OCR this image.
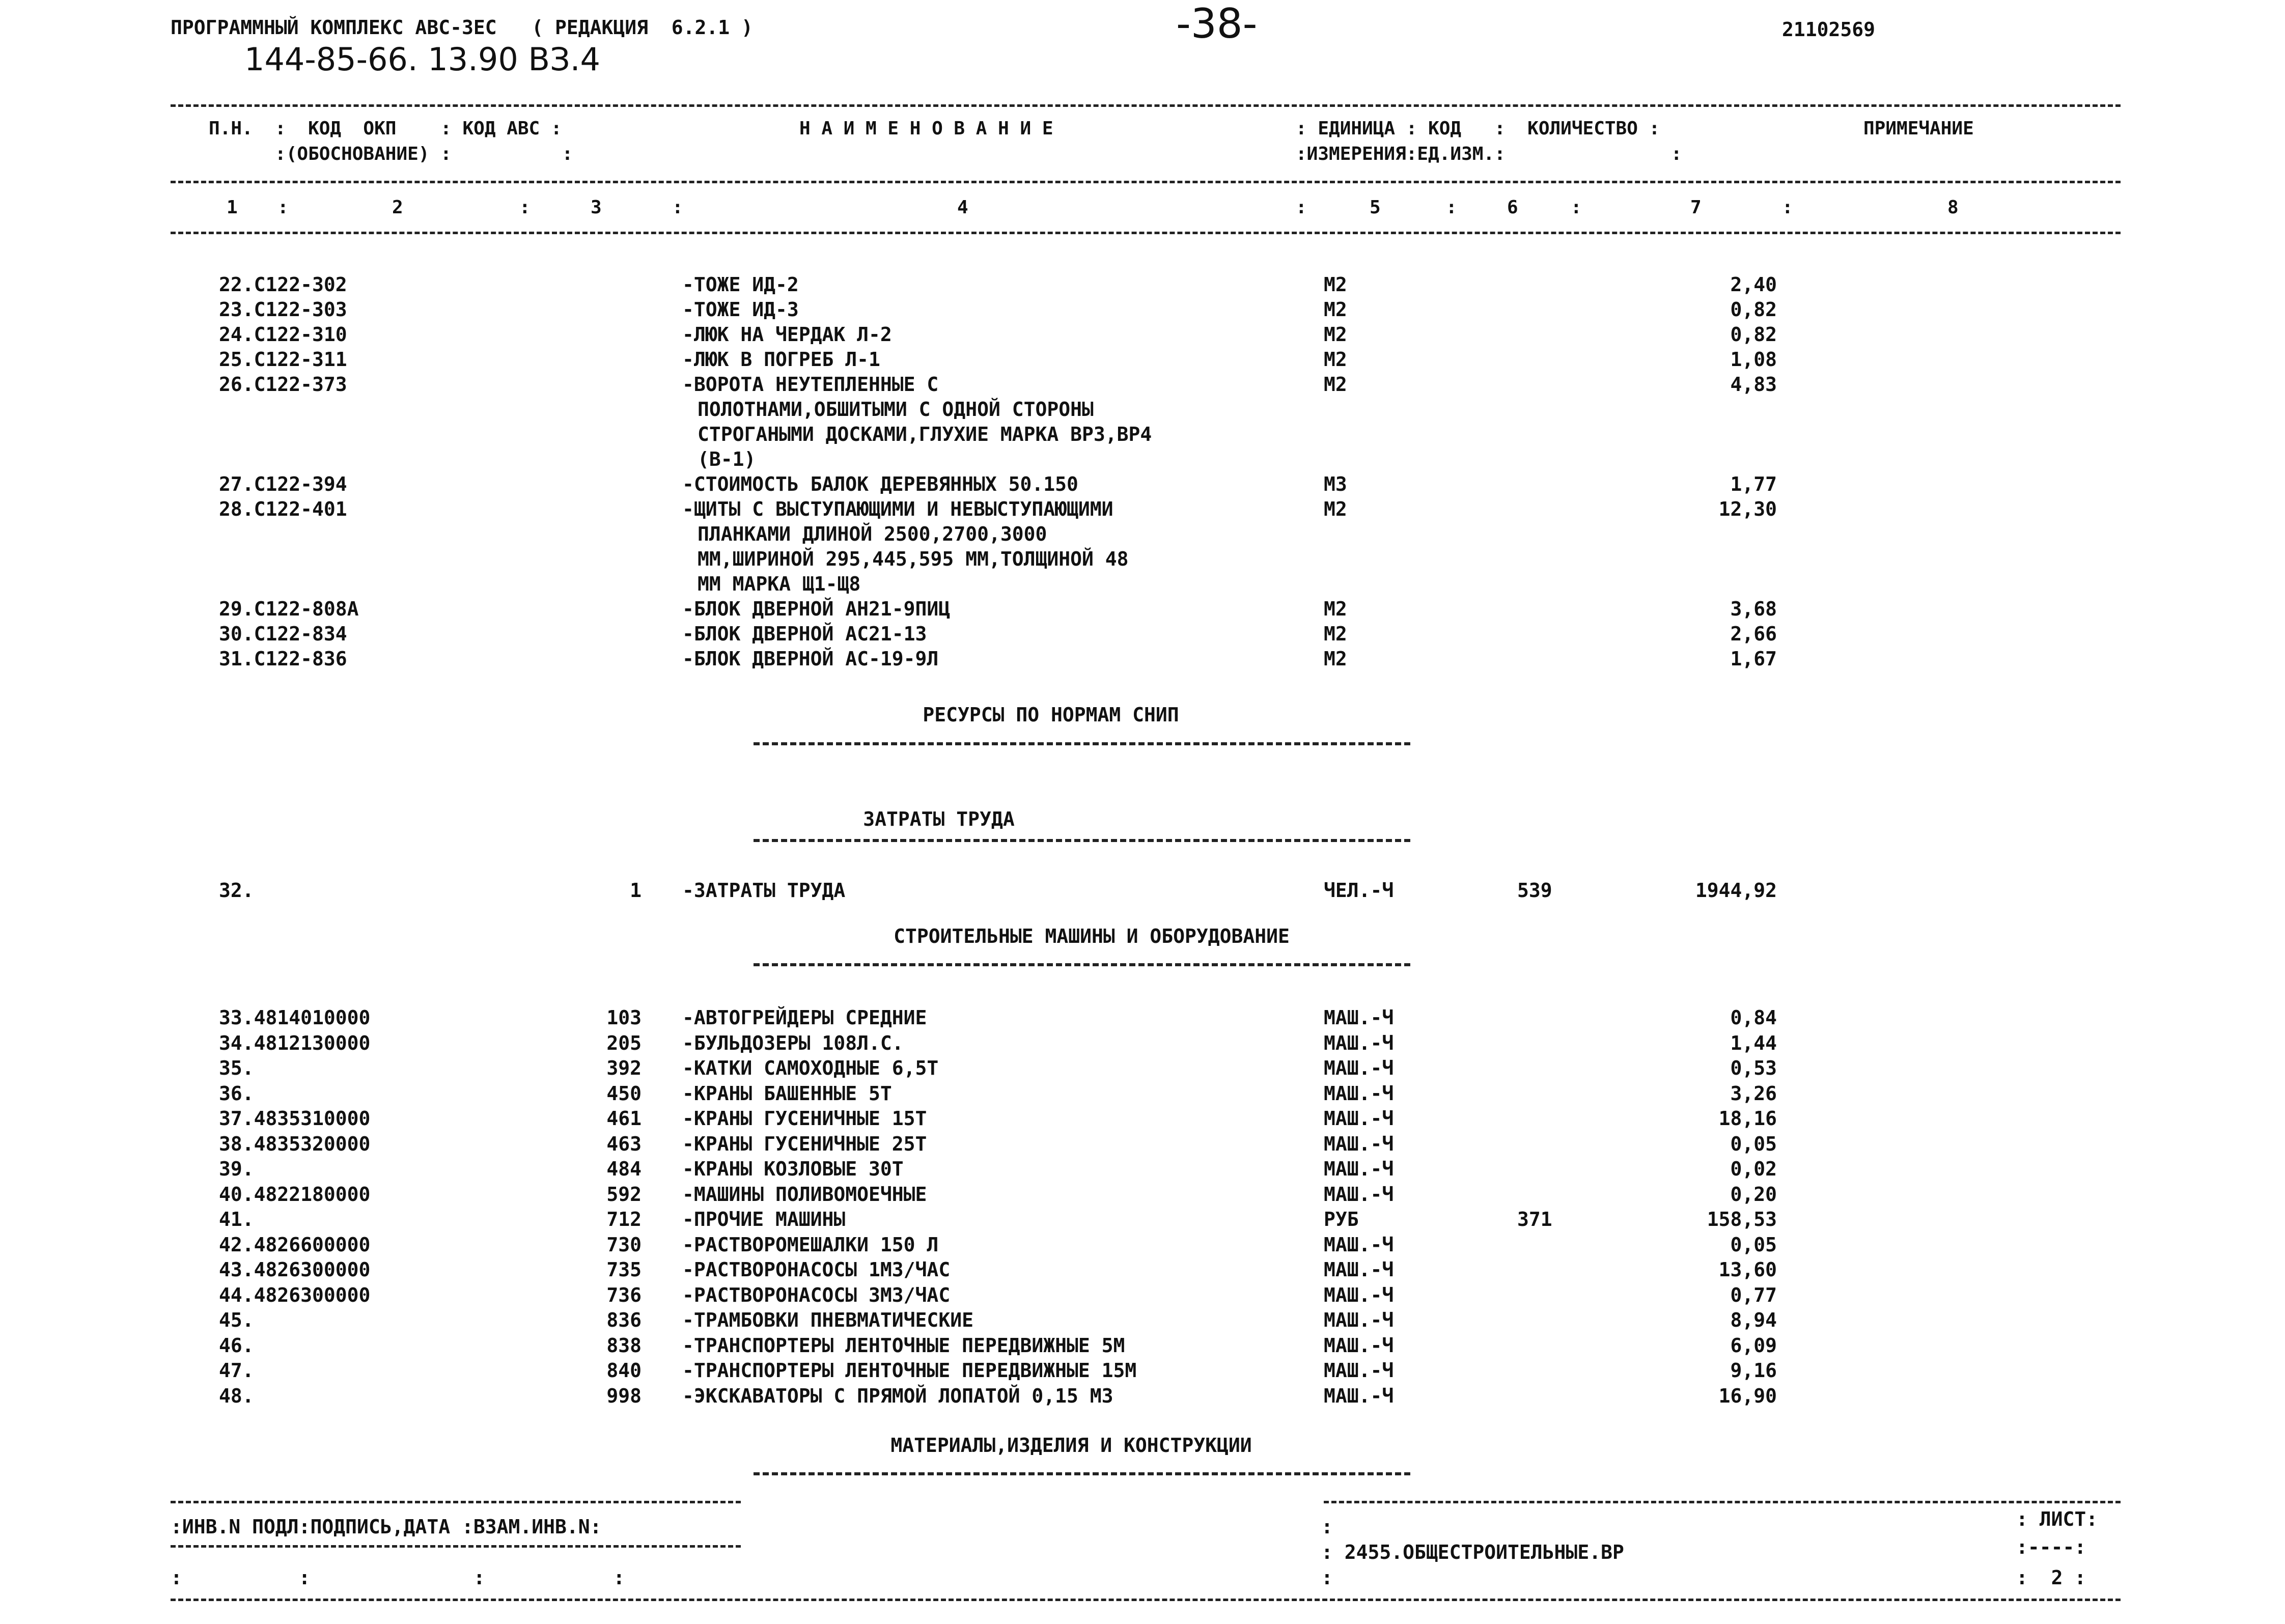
ПРОГРАММНЫЙ КОМПЛЕКС АВС-3ЕС   ( РЕДАКЦИЯ  6.2.1 )	-38-	21102569
144-85-66. 13.90 ВЗ.4
П.Н.  :  КОД  ОКП    : КОД АВС :	Н А И М Е Н О В А Н И Е	: ЕДИНИЦА : КОД   :  КОЛИЧЕСТВО :	ПРИМЕЧАНИЕ
:(ОБОСНОВАНИЕ) :          :	:ИЗМЕРЕНИЯ:ЕД.ИЗМ.:               :
1 :	2	:	3	:	4	:	5	:	6	:	7	:	8
22.С122-302	-ТОЖЕ ИД-2	М2	2,40
23.С122-303	-ТОЖЕ ИД-3	М2	0,82
24.С122-310	-ЛЮК НА ЧЕРДАК Л-2	М2	0,82
25.С122-311	-ЛЮК В ПОГРЕБ Л-1	М2	1,08
26.С122-373	-ВОРОТА НЕУТЕПЛЕННЫЕ С	М2	4,83
ПОЛОТНАМИ,ОБШИТЫМИ С ОДНОЙ СТОРОНЫ
СТРОГАНЫМИ ДОСКАМИ,ГЛУХИЕ МАРКА ВР3,ВР4
(В-1)
27.С122-394	-СТОИМОСТЬ БАЛОК ДЕРЕВЯННЫХ 50.150	М3	1,77
28.С122-401	-ЩИТЫ С ВЫСТУПАЮЩИМИ И НЕВЫСТУПАЮЩИМИ	М2	12,30
ПЛАНКАМИ ДЛИНОЙ 2500,2700,3000
ММ,ШИРИНОЙ 295,445,595 ММ,ТОЛЩИНОЙ 48
ММ МАРКА Щ1-Щ8
29.С122-808А	-БЛОК ДВЕРНОЙ АН21-9ПИЦ	М2	3,68
30.С122-834	-БЛОК ДВЕРНОЙ АС21-13	М2	2,66
31.С122-836	-БЛОК ДВЕРНОЙ АС-19-9Л	М2	1,67
РЕСУРСЫ ПО НОРМАМ СНИП
ЗАТРАТЫ ТРУДА
32.	1 -ЗАТРАТЫ ТРУДА	ЧЕЛ.-Ч	539	1944,92
СТРОИТЕЛЬНЫЕ МАШИНЫ И ОБОРУДОВАНИЕ
33.4814010000	103 -АВТОГРЕЙДЕРЫ СРЕДНИЕ	МАШ.-Ч	0,84
34.4812130000	205 -БУЛЬДОЗЕРЫ 108Л.С.	МАШ.-Ч	1,44
35.	392 -КАТКИ САМОХОДНЫЕ 6,5Т	МАШ.-Ч	0,53
36.	450 -КРАНЫ БАШЕННЫЕ 5Т	МАШ.-Ч	3,26
37.4835310000	461 -КРАНЫ ГУСЕНИЧНЫЕ 15Т	МАШ.-Ч	18,16
38.4835320000	463 -КРАНЫ ГУСЕНИЧНЫЕ 25Т	МАШ.-Ч	0,05
39.	484 -КРАНЫ КОЗЛОВЫЕ 30Т	МАШ.-Ч	0,02
40.4822180000	592 -МАШИНЫ ПОЛИВОМОЕЧНЫЕ	МАШ.-Ч	0,20
41.	712 -ПРОЧИЕ МАШИНЫ	РУБ	371	158,53
42.4826600000	730 -РАСТВОРОМЕШАЛКИ 150 Л	МАШ.-Ч	0,05
43.4826300000	735 -РАСТВОРОНАСОСЫ 1М3/ЧАС	МАШ.-Ч	13,60
44.4826300000	736 -РАСТВОРОНАСОСЫ 3М3/ЧАС	МАШ.-Ч	0,77
45.	836 -ТРАМБОВКИ ПНЕВМАТИЧЕСКИЕ	МАШ.-Ч	8,94
46.	838 -ТРАНСПОРТЕРЫ ЛЕНТОЧНЫЕ ПЕРЕДВИЖНЫЕ 5М	МАШ.-Ч	6,09
47.	840 -ТРАНСПОРТЕРЫ ЛЕНТОЧНЫЕ ПЕРЕДВИЖНЫЕ 15М	МАШ.-Ч	9,16
48.	998 -ЭКСКАВАТОРЫ С ПРЯМОЙ ЛОПАТОЙ 0,15 М3	МАШ.-Ч	16,90
МАТЕРИАЛЫ,ИЗДЕЛИЯ И КОНСТРУКЦИИ
:ИНВ.N ПОДЛ:ПОДПИСЬ,ДАТА :ВЗАМ.ИНВ.N:	:	: ЛИСТ:
: 2455.ОБЩЕСТРОИТЕЛЬНЫЕ.ВР	:----:
:          :              :           :	:	:  2 :
